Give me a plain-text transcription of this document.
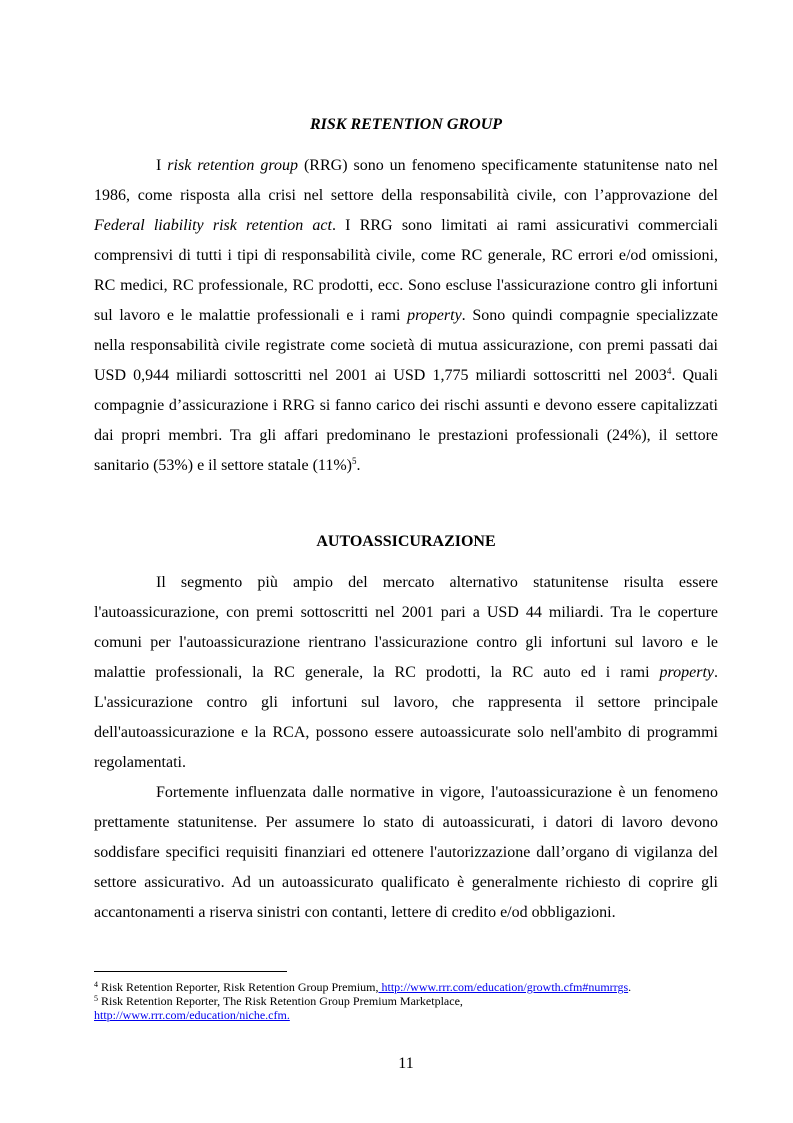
RISK RETENTION GROUP

I risk retention group (RRG) sono un fenomeno specificamente statunitense nato nel 1986, come risposta alla crisi nel settore della responsabilità civile, con l’approvazione del Federal liability risk retention act. I RRG sono limitati ai rami assicurativi commerciali comprensivi di tutti i tipi di responsabilità civile, come RC generale, RC errori e/od omissioni, RC medici, RC professionale, RC prodotti, ecc. Sono escluse l'assicurazione contro gli infortuni sul lavoro e le malattie professionali e i rami property. Sono quindi compagnie specializzate nella responsabilità civile registrate come società di mutua assicurazione, con premi passati dai USD 0,944 miliardi sottoscritti nel 2001 ai USD 1,775 miliardi sottoscritti nel 2003$^4$. Quali compagnie d’assicurazione i RRG si fanno carico dei rischi assunti e devono essere capitalizzati dai propri membri. Tra gli affari predominano le prestazioni professionali (24%), il settore sanitario (53%) e il settore statale $(11\%)^5$.

AUTOASSICURAZIONE

Il segmento più ampio del mercato alternativo statunitense risulta essere l'autoassicurazione, con premi sottoscritti nel 2001 pari a USD 44 miliardi. Tra le coperture comuni per l'autoassicurazione rientrano l'assicurazione contro gli infortuni sul lavoro e le malattie professionali, la RC generale, la RC prodotti, la RC auto ed i rami property. L'assicurazione contro gli infortuni sul lavoro, che rappresenta il settore principale dell'autoassicurazione e la RCA, possono essere autoassicurate solo nell'ambito di programmi regolamentati.

Fortemente influenzata dalle normative in vigore, l'autoassicurazione è un fenomeno prettamente statunitense. Per assumere lo stato di autoassicurati, i datori di lavoro devono soddisfare specifici requisiti finanziari ed ottenere l'autorizzazione dall’organo di vigilanza del settore assicurativo. Ad un autoassicurato qualificato è generalmente richiesto di coprire gli accantonamenti a riserva sinistri con contanti, lettere di credito e/od obbligazioni.

$^4$ Risk Retention Reporter, Risk Retention Group Premium, http://www.rrr.com/education/growth.cfm#numrrgs.

$^5$ Risk Retention Reporter, The Risk Retention Group Premium Marketplace,
http://www.rrr.com/education/niche.cfm.

11
